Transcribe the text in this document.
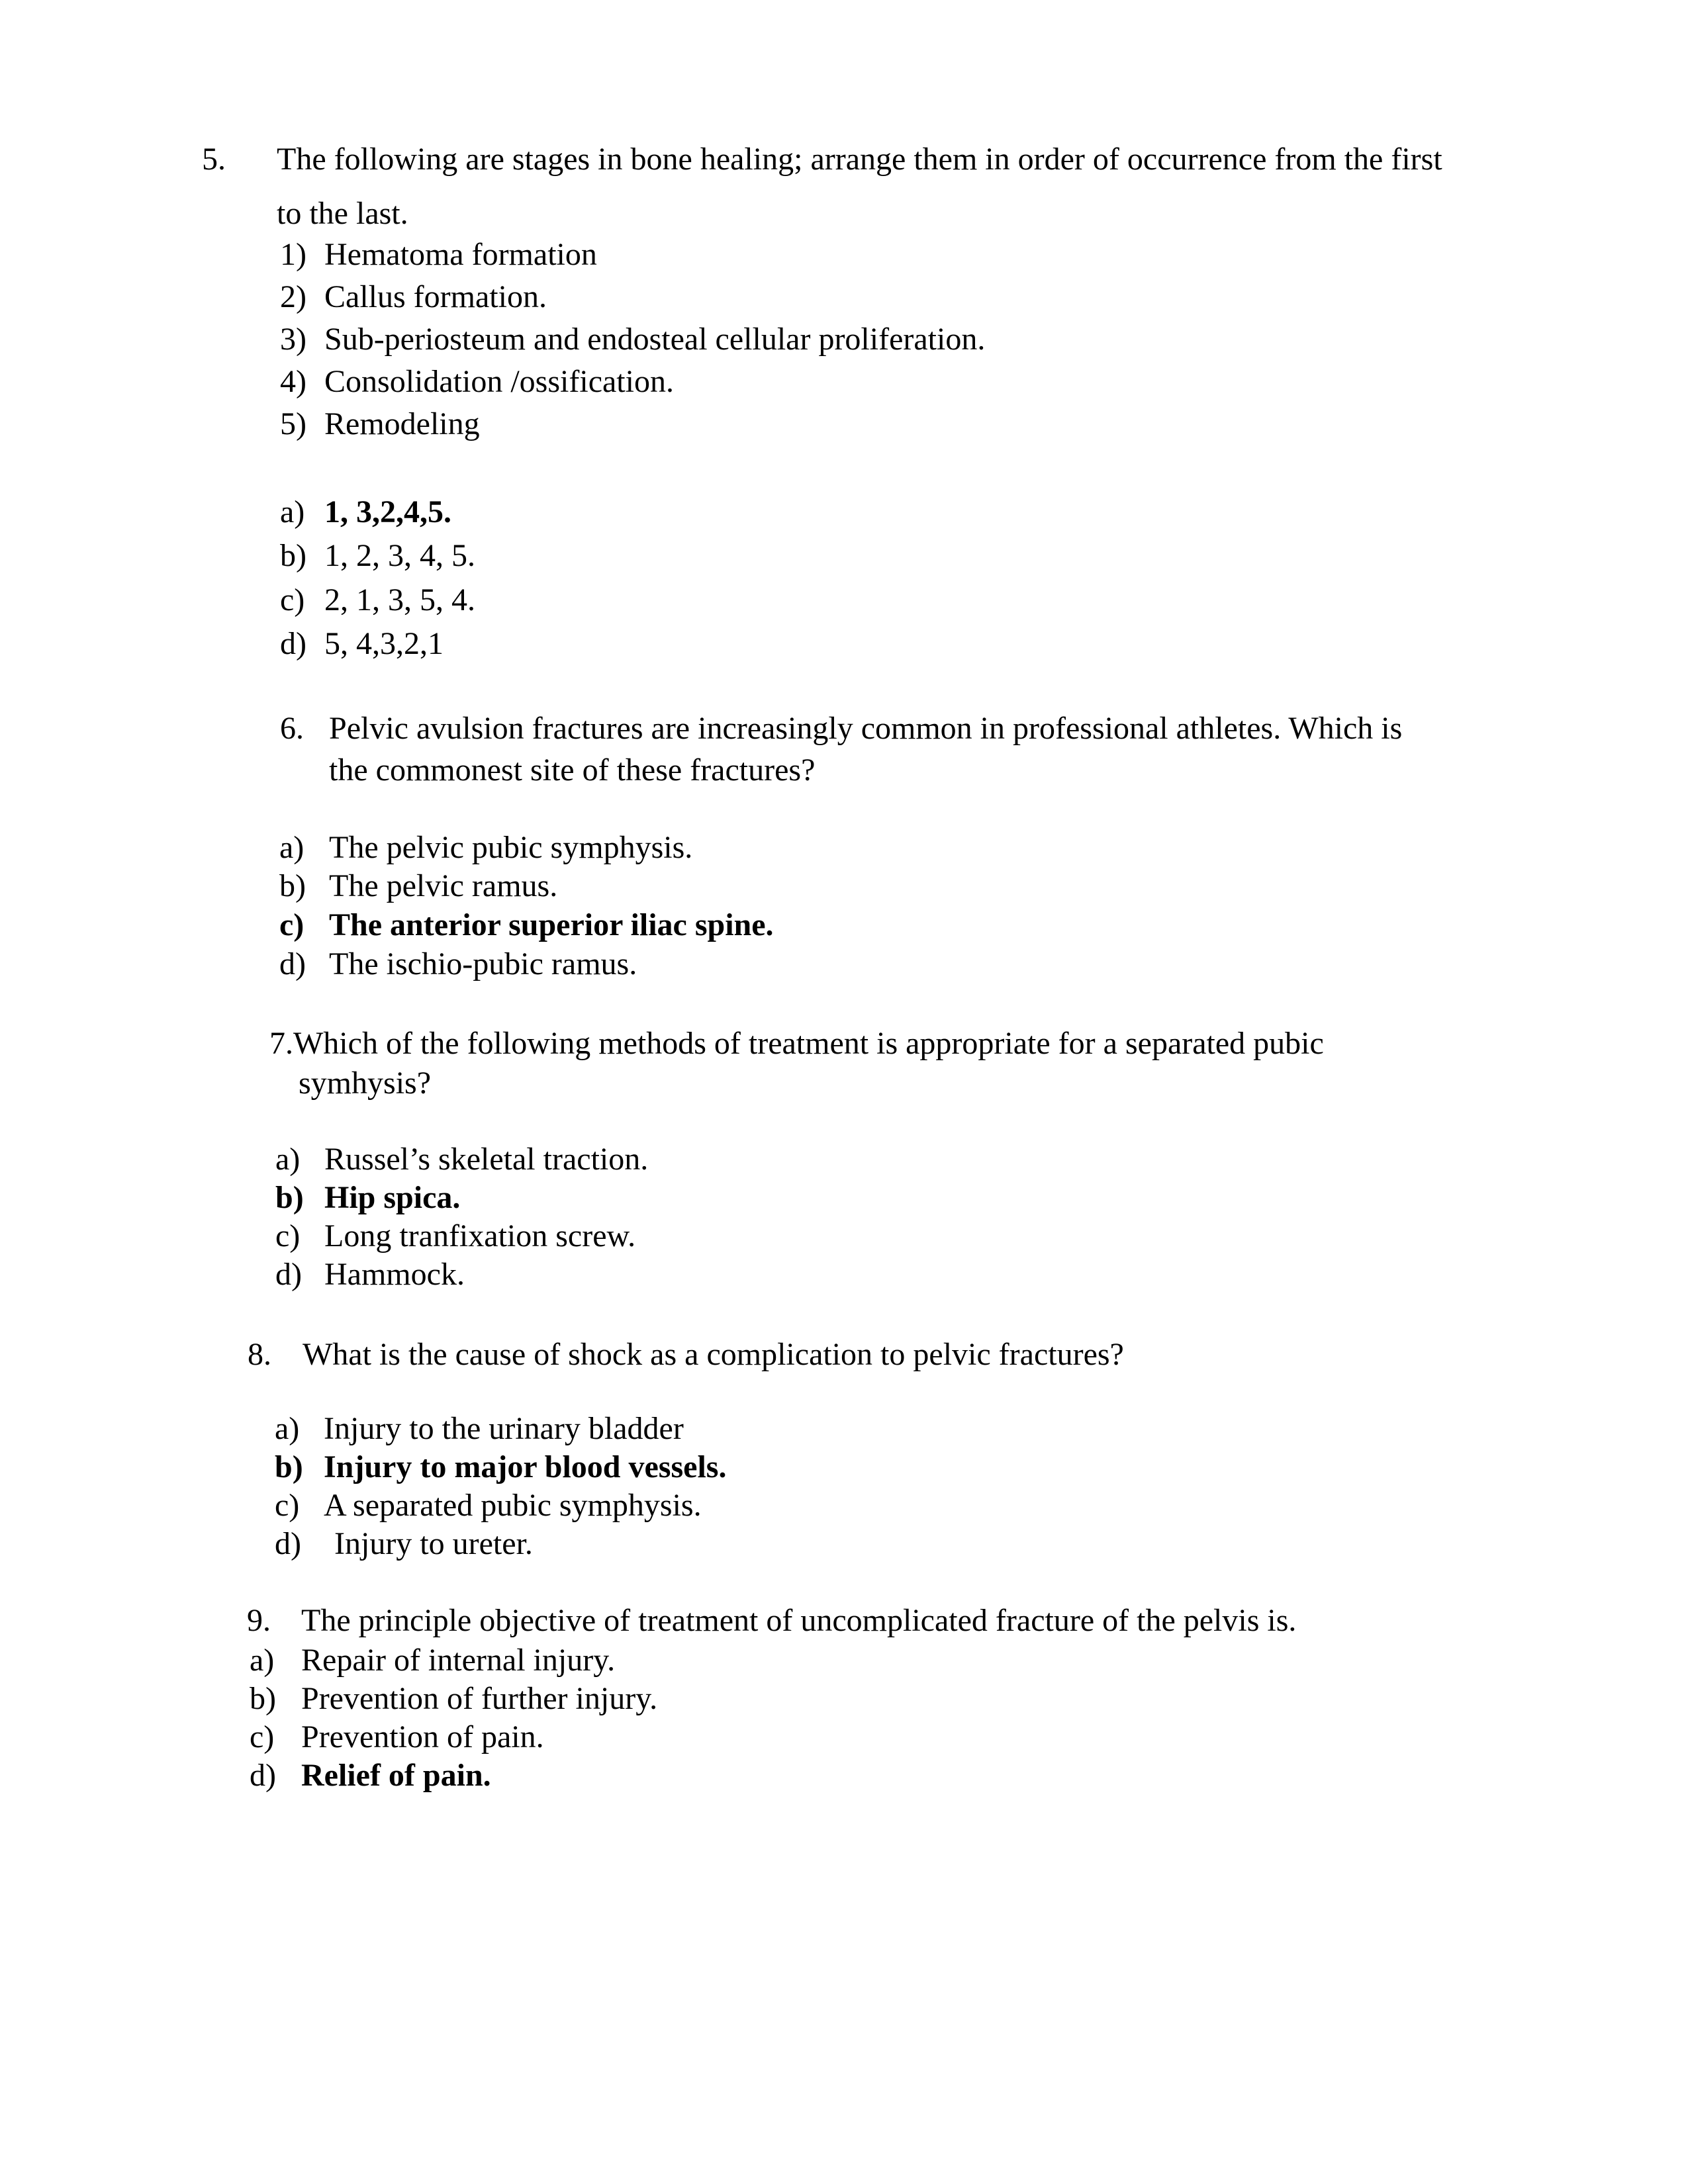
5. The following are stages in bone healing; arrange them in order of occurrence from the first
to the last.
1) Hematoma formation
2) Callus formation.
3) Sub-periosteum and endosteal cellular proliferation.
4) Consolidation /ossification.
5) Remodeling
a) 1, 3,2,4,5.
b) 1, 2, 3, 4, 5.
c) 2, 1, 3, 5, 4.
d) 5, 4,3,2,1
6. Pelvic avulsion fractures are increasingly common in professional athletes. Which is
the commonest site of these fractures?
a) The pelvic pubic symphysis.
b) The pelvic ramus.
c) The anterior superior iliac spine.
d) The ischio-pubic ramus.
7.Which of the following methods of treatment is appropriate for a separated pubic
symhysis?
a) Russel’s skeletal traction.
b) Hip spica.
c) Long tranfixation screw.
d) Hammock.
8. What is the cause of shock as a complication to pelvic fractures?
a) Injury to the urinary bladder
b) Injury to major blood vessels.
c) A separated pubic symphysis.
d) Injury to ureter.
9. The principle objective of treatment of uncomplicated fracture of the pelvis is.
a) Repair of internal injury.
b) Prevention of further injury.
c) Prevention of pain.
d) Relief of pain.
